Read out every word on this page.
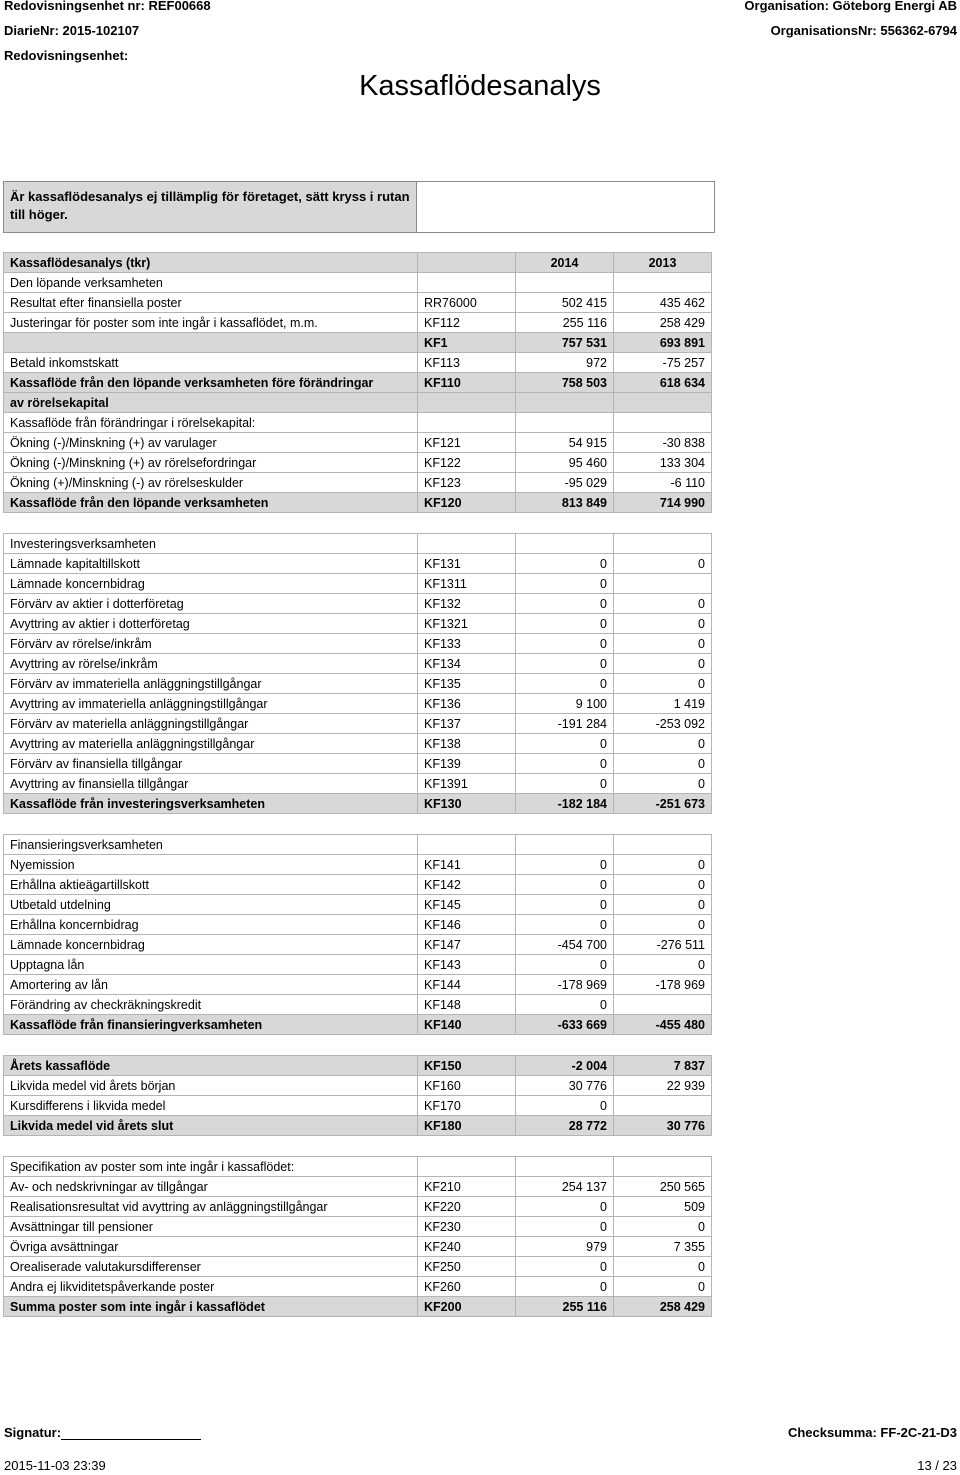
Redovisningsenhet nr: REF00668
DiarieNr: 2015-102107
Redovisningsenhet:
Organisation: Göteborg Energi AB
OrganisationsNr: 556362-6794
Kassaflödesanalys
Är kassaflödesanalys ej tillämplig för företaget, sätt kryss i rutan till höger.
Kassaflödesanalys (tkr)		2014	2013
Den löpande verksamheten			
Resultat efter finansiella poster	RR76000	502 415	435 462
Justeringar för poster som inte ingår i kassaflödet, m.m.	KF112	255 116	258 429
	KF1	757 531	693 891
Betald inkomstskatt	KF113	972	-75 257
Kassaflöde från den löpande verksamheten före förändringar	KF110	758 503	618 634
av rörelsekapital			
Kassaflöde från förändringar i rörelsekapital:			
Ökning (-)/Minskning (+) av varulager	KF121	54 915	-30 838
Ökning (-)/Minskning (+) av rörelsefordringar	KF122	95 460	133 304
Ökning (+)/Minskning (-) av rörelseskulder	KF123	-95 029	-6 110
Kassaflöde från den löpande verksamheten	KF120	813 849	714 990

Investeringsverksamheten			
Lämnade kapitaltillskott	KF131	0	0
Lämnade koncernbidrag	KF1311	0	
Förvärv av aktier i dotterföretag	KF132	0	0
Avyttring av aktier i dotterföretag	KF1321	0	0
Förvärv av rörelse/inkråm	KF133	0	0
Avyttring av rörelse/inkråm	KF134	0	0
Förvärv av immateriella anläggningstillgångar	KF135	0	0
Avyttring av immateriella anläggningstillgångar	KF136	9 100	1 419
Förvärv av materiella anläggningstillgångar	KF137	-191 284	-253 092
Avyttring av materiella anläggningstillgångar	KF138	0	0
Förvärv av finansiella tillgångar	KF139	0	0
Avyttring av finansiella tillgångar	KF1391	0	0
Kassaflöde från investeringsverksamheten	KF130	-182 184	-251 673

Finansieringsverksamheten			
Nyemission	KF141	0	0
Erhållna aktieägartillskott	KF142	0	0
Utbetald utdelning	KF145	0	0
Erhållna koncernbidrag	KF146	0	0
Lämnade koncernbidrag	KF147	-454 700	-276 511
Upptagna lån	KF143	0	0
Amortering av lån	KF144	-178 969	-178 969
Förändring av checkräkningskredit	KF148	0	
Kassaflöde från finansieringverksamheten	KF140	-633 669	-455 480

Årets kassaflöde	KF150	-2 004	7 837
Likvida medel vid årets början	KF160	30 776	22 939
Kursdifferens i likvida medel	KF170	0	
Likvida medel vid årets slut	KF180	28 772	30 776

Specifikation av poster som inte ingår i kassaflödet:			
Av- och nedskrivningar av tillgångar	KF210	254 137	250 565
Realisationsresultat vid avyttring av anläggningstillgångar	KF220	0	509
Avsättningar till pensioner	KF230	0	0
Övriga avsättningar	KF240	979	7 355
Orealiserade valutakursdifferenser	KF250	0	0
Andra ej likviditetspåverkande poster	KF260	0	0
Summa poster som inte ingår i kassaflödet	KF200	255 116	258 429
Signatur:	Checksumma: FF-2C-21-D3
2015-11-03 23:39	13 / 23
